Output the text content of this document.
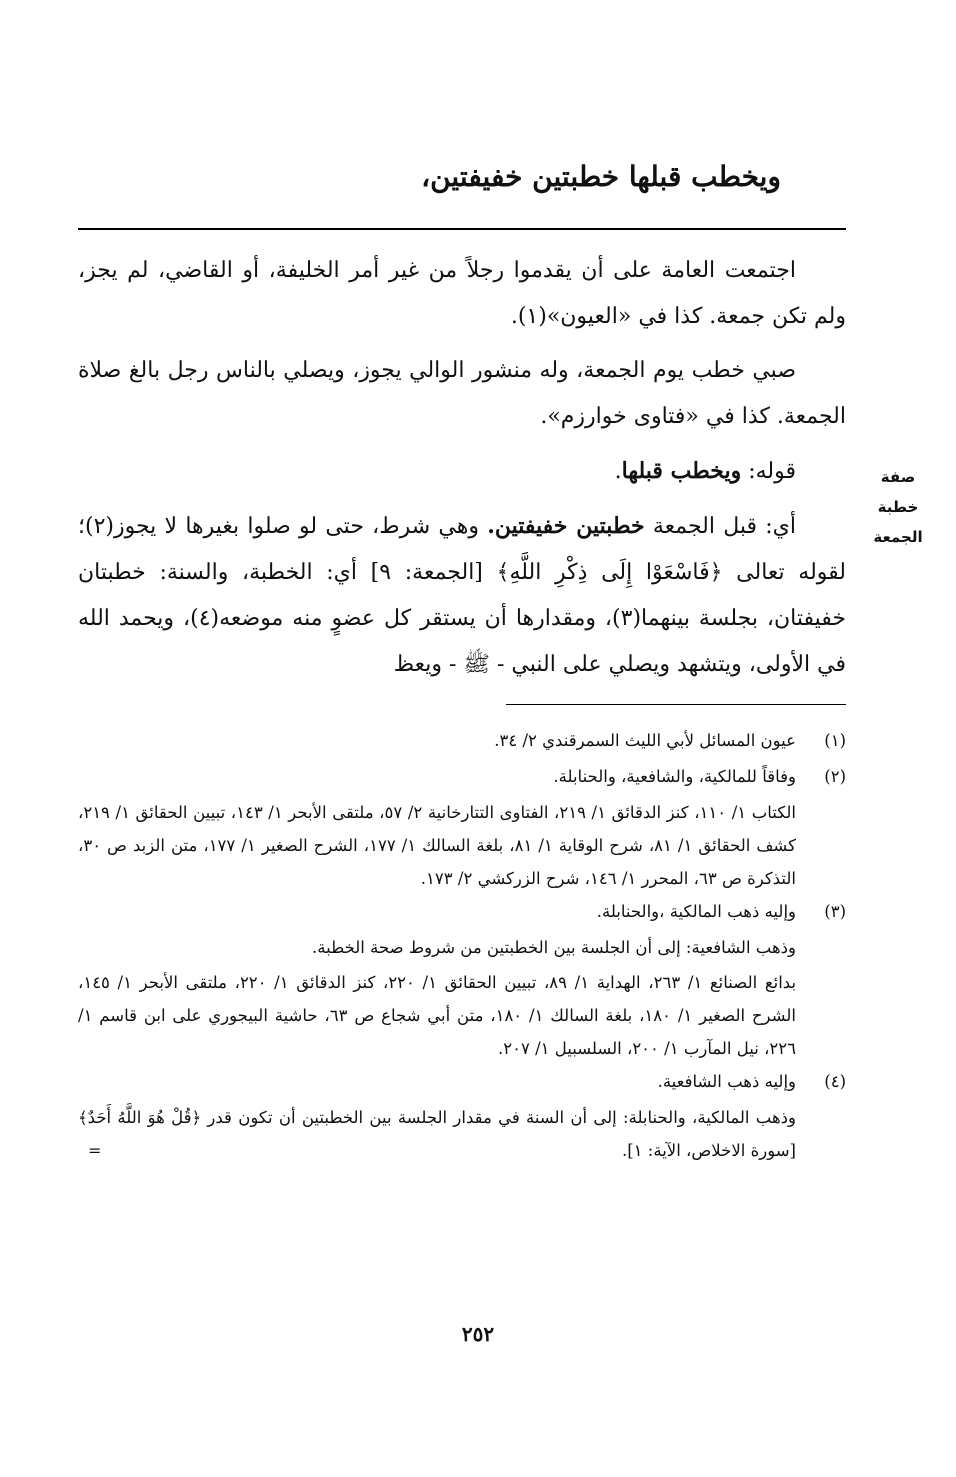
ويخطب قبلها خطبتين خفيفتين،

اجتمعت العامة على أن يقدموا رجلاً من غير أمر الخليفة، أو القاضي، لم يجز، ولم تكن جمعة. كذا في «العيون»(١).

صبي خطب يوم الجمعة، وله منشور الوالي يجوز، ويصلي بالناس رجل بالغ صلاة الجمعة. كذا في «فتاوى خوارزم».

قوله: ويخطب قبلها.

أي: قبل الجمعة خطبتين خفيفتين. وهي شرط، حتى لو صلوا بغيرها لا يجوز(٢)؛ لقوله تعالى ﴿فَاسْعَوْا إِلَى ذِكْرِ اللَّهِ﴾ [الجمعة: ٩] أي: الخطبة، والسنة: خطبتان خفيفتان، بجلسة بينهما(٣)، ومقدارها أن يستقر كل عضوٍ منه موضعه(٤)، ويحمد الله في الأولى، ويتشهد ويصلي على النبي - ﷺ - ويعظ

صفة
خطبة
الجمعة
(١)
عيون المسائل لأبي الليث السمرقندي ٢/ ٣٤.
(٢)
وفاقاً للمالكية، والشافعية، والحنابلة.

الكتاب ١/ ١١٠، كنز الدقائق ١/ ٢١٩، الفتاوى التتارخانية ٢/ ٥٧، ملتقى الأبحر ١/ ١٤٣، تبيين الحقائق ١/ ٢١٩، كشف الحقائق ١/ ٨١، شرح الوقاية ١/ ٨١، بلغة السالك ١/ ١٧٧، الشرح الصغير ١/ ١٧٧، متن الزبد ص ٣٠، التذكرة ص ٦٣، المحرر ١/ ١٤٦، شرح الزركشي ٢/ ١٧٣.

(٣)
وإليه ذهب المالكية ،والحنابلة.

وذهب الشافعية: إلى أن الجلسة بين الخطبتين من شروط صحة الخطبة.

بدائع الصنائع ١/ ٢٦٣، الهداية ١/ ٨٩، تبيين الحقائق ١/ ٢٢٠، كنز الدقائق ١/ ٢٢٠، ملتقى الأبحر ١/ ١٤٥، الشرح الصغير ١/ ١٨٠، بلغة السالك ١/ ١٨٠، متن أبي شجاع ص ٦٣، حاشية البيجوري على ابن قاسم ١/ ٢٢٦، نيل المآرب ١/ ٢٠٠، السلسبيل ١/ ٢٠٧.

(٤)
وإليه ذهب الشافعية.

وذهب المالكية، والحنابلة: إلى أن السنة في مقدار الجلسة بين الخطبتين أن تكون قدر ﴿قُلْ هُوَ اللَّهُ أَحَدٌ﴾ [سورة الاخلاص، الآية: ١].
=

٢٥٢
